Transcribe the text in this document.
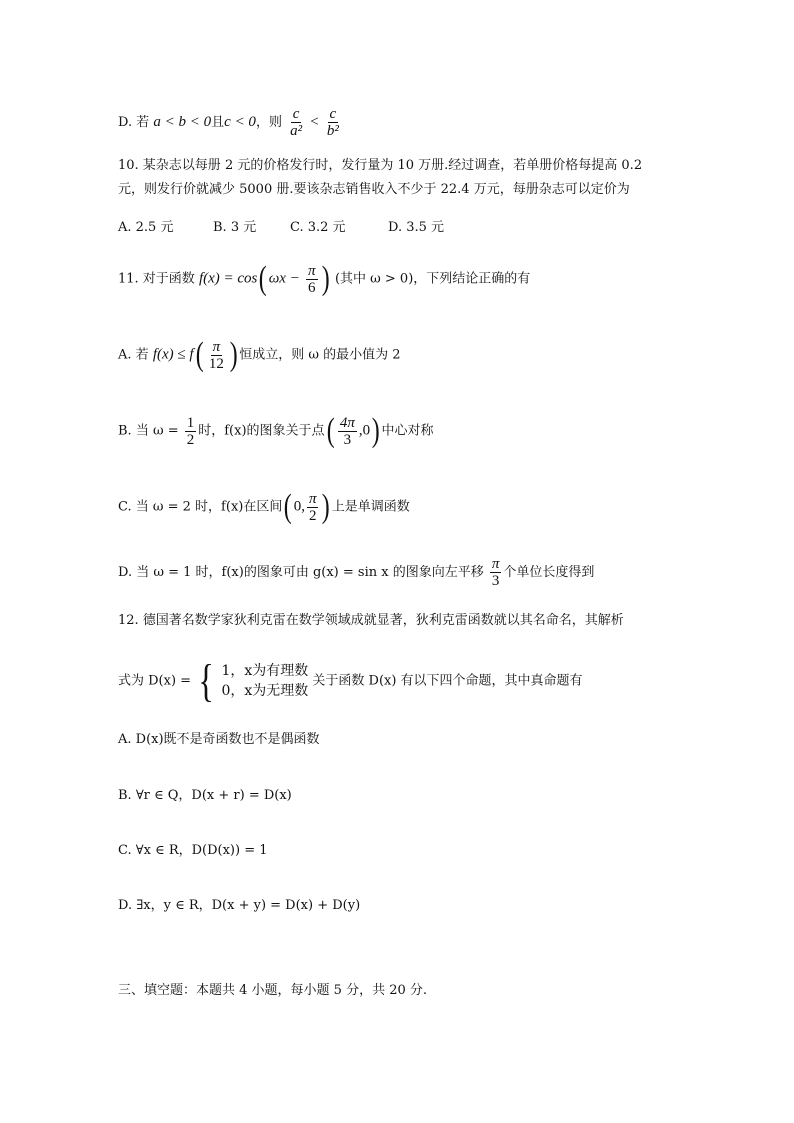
D. 若 a < b < 0且c < 0，则 $\frac{c}{\text{a²}} < \frac{c}{\text{b²}}$
10. 某杂志以每册 2 元的价格发行时，发行量为 10 万册.经过调查，若单册价格每提高 0.2
元，则发行价就减少 5000 册.要该杂志销售收入不少于 22.4 万元，每册杂志可以定价为
A. 2.5 元	B. 3 元	C. 3.2 元	D. 3.5 元
11. 对于函数 f(x) = cos( $\omega x - \frac{\pi}{6}$ ) (其中 ω > 0)，下列结论正确的有
A. 若 $f(x) \le f( \frac{\pi}{12}$ ) 恒成立，则 ω 的最小值为 2
B. 当 $\omega = \frac{1}{2}$ 时，f(x)的图象关于点( $\frac{4\pi}{3} ,0$) 中心对称
C. 当 ω = 2 时，f(x)在区间( 0, $\frac{\pi}{2}$ ) 上是单调函数
D. 当 ω = 1 时，f(x)的图象可由 g(x) = sin x 的图象向左平移 $\frac{\pi}{3}$ 个单位长度得到
12. 德国著名数学家狄利克雷在数学领域成就显著，狄利克雷函数就以其名命名，其解析
式为 D(x) = { 1，x为有理数
0，x为无理数
关于函数 D(x) 有以下四个命题，其中真命题有
A. D(x)既不是奇函数也不是偶函数
B. ∀r ∈ Q，D(x + r) = D(x)
C. ∀x ∈ R，D(D(x)) = 1
D. ∃x，y ∈ R，D(x + y) = D(x) + D(y)
三、填空题：本题共 4 小题，每小题 5 分，共 20 分.
